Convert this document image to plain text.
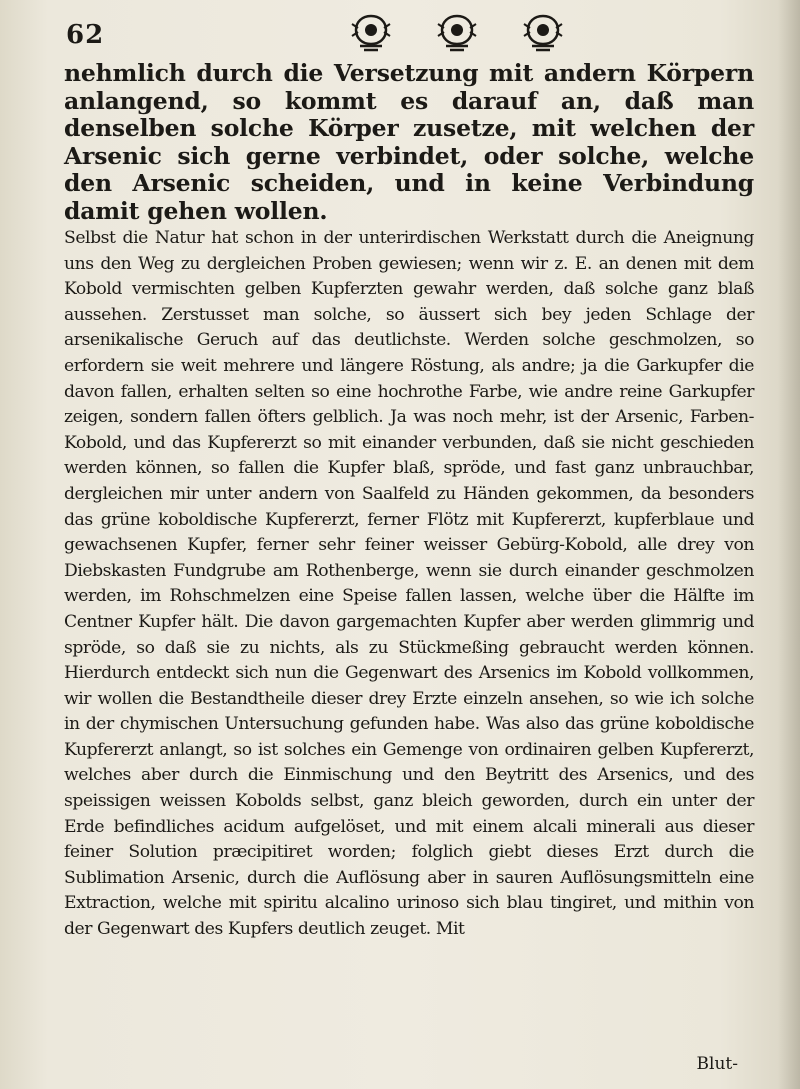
62

nehmlich durch die Versetzung mit andern Körpern anlangend, so kommt es darauf an, daß man denselben solche Körper zusetze, mit welchen der Arsenic sich gerne verbindet, oder solche, welche den Arsenic scheiden, und in keine Verbindung damit gehen wollen.

Selbst die Natur hat schon in der unterirdischen Werkstatt durch die Aneignung uns den Weg zu dergleichen Proben gewiesen; wenn wir z. E. an denen mit dem Kobold vermischten gelben Kupferzten gewahr werden, daß solche ganz blaß aussehen. Zerstusset man solche, so äussert sich bey jeden Schlage der arsenikalische Geruch auf das deutlichste. Werden solche geschmolzen, so erfordern sie weit mehrere und längere Röstung, als andre; ja die Garkupfer die davon fallen, erhalten selten so eine hochrothe Farbe, wie andre reine Garkupfer zeigen, sondern fallen öfters gelblich. Ja was noch mehr, ist der Arsenic, Farben-Kobold, und das Kupfererzt so mit einander verbunden, daß sie nicht geschieden werden können, so fallen die Kupfer blaß, spröde, und fast ganz unbrauchbar, dergleichen mir unter andern von Saalfeld zu Händen gekommen, da besonders das grüne koboldische Kupfererzt, ferner Flötz mit Kupfererzt, kupferblaue und gewachsenen Kupfer, ferner sehr feiner weisser Gebürg-Kobold, alle drey von Diebskasten Fundgrube am Rothenberge, wenn sie durch einander geschmolzen werden, im Rohschmelzen eine Speise fallen lassen, welche über die Hälfte im Centner Kupfer hält. Die davon gargemachten Kupfer aber werden glimmrig und spröde, so daß sie zu nichts, als zu Stückmeßing gebraucht werden können. Hierdurch entdeckt sich nun die Gegenwart des Arsenics im Kobold vollkommen, wir wollen die Bestandtheile dieser drey Erzte einzeln ansehen, so wie ich solche in der chymischen Untersuchung gefunden habe. Was also das grüne koboldische Kupfererzt anlangt, so ist solches ein Gemenge von ordinairen gelben Kupfererzt, welches aber durch die Einmischung und den Beytritt des Arsenics, und des speissigen weissen Kobolds selbst, ganz bleich geworden, durch ein unter der Erde befindliches acidum aufgelöset, und mit einem alcali minerali aus dieser feiner Solution præcipitiret worden; folglich giebt dieses Erzt durch die Sublimation Arsenic, durch die Auflösung aber in sauren Auflösungsmitteln eine Extraction, welche mit spiritu alcalino urinoso sich blau tingiret, und mithin von der Gegenwart des Kupfers deutlich zeuget. Mit

Blut-
